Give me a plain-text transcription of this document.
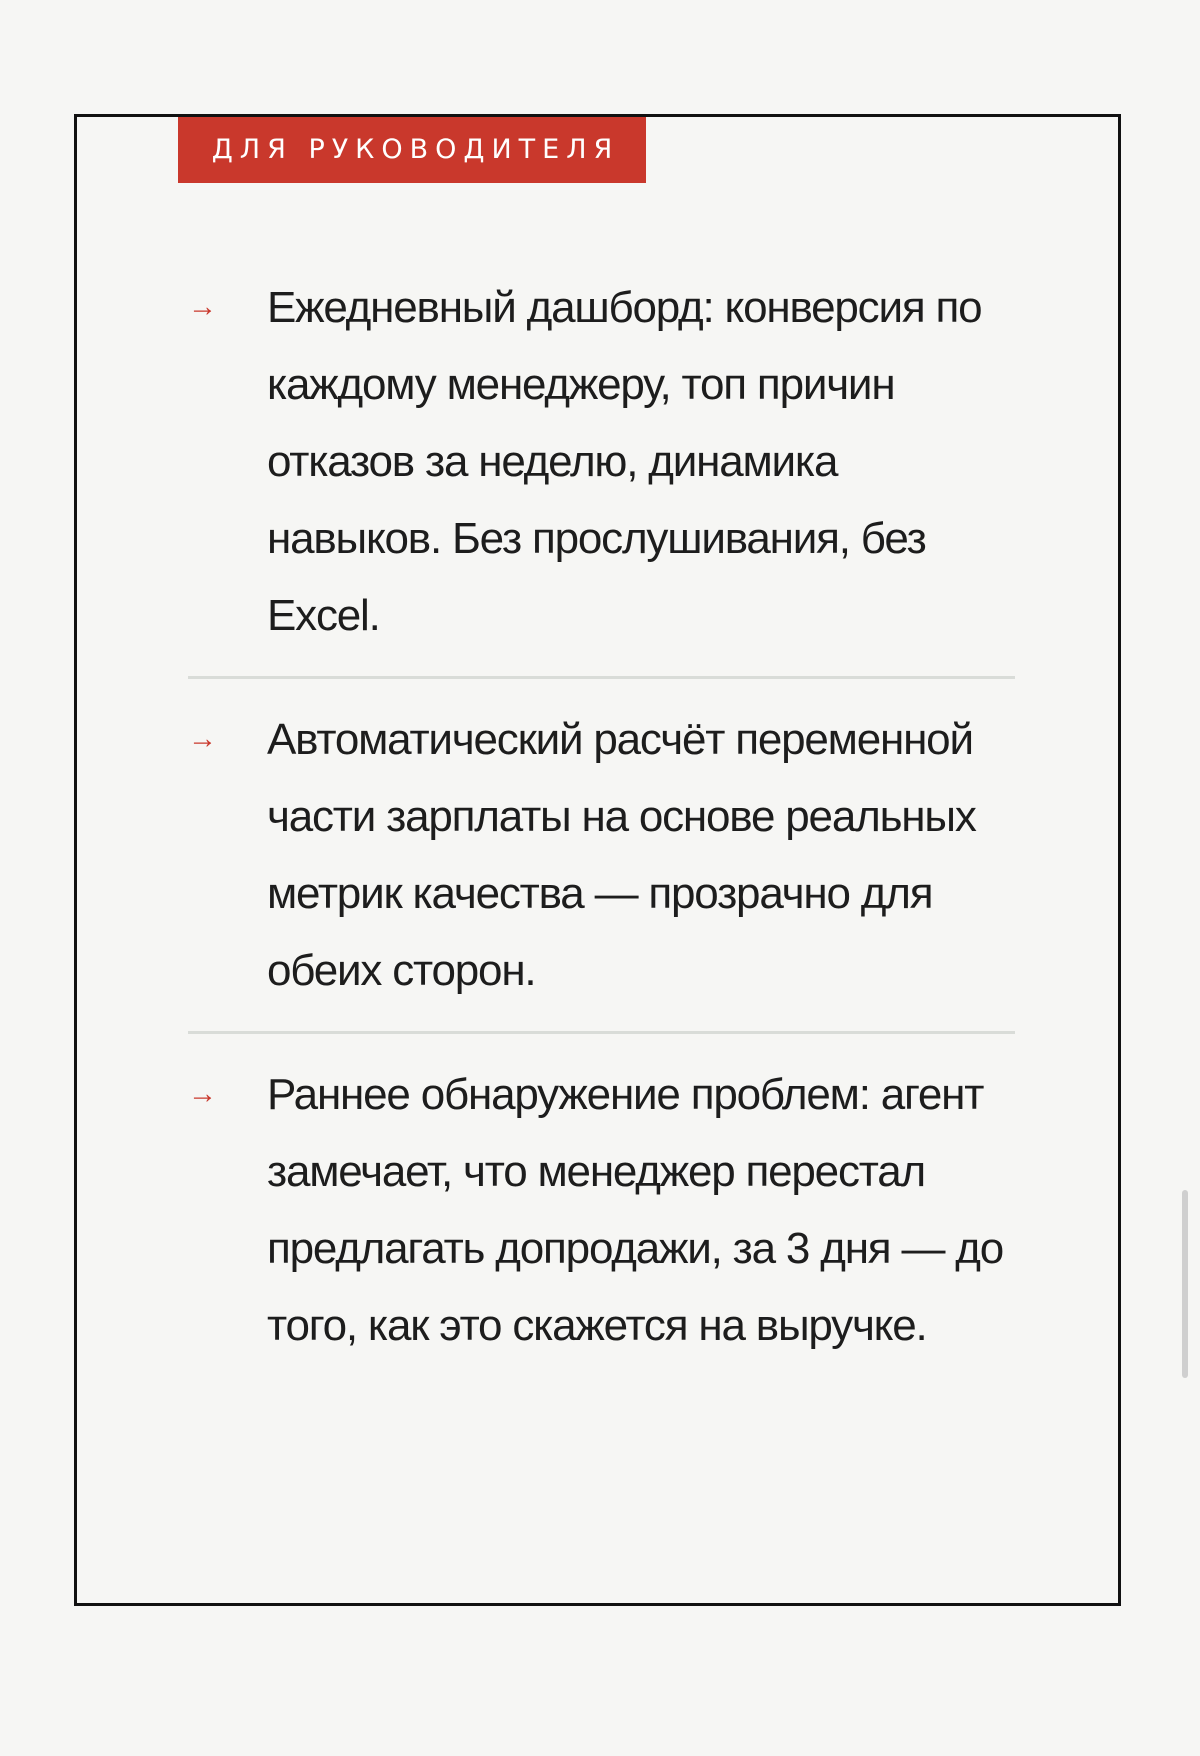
ДЛЯ РУКОВОДИТЕЛЯ
→	Ежедневный дашборд: конверсия по каждому менеджеру, топ причин отказов за неделю, динамика навыков. Без прослушивания, без Excel.
→	Автоматический расчёт переменной части зарплаты на основе реальных метрик качества — прозрачно для обеих сторон.
→	Раннее обнаружение проблем: агент замечает, что менеджер перестал предлагать допродажи, за 3 дня — до того, как это скажется на выручке.
